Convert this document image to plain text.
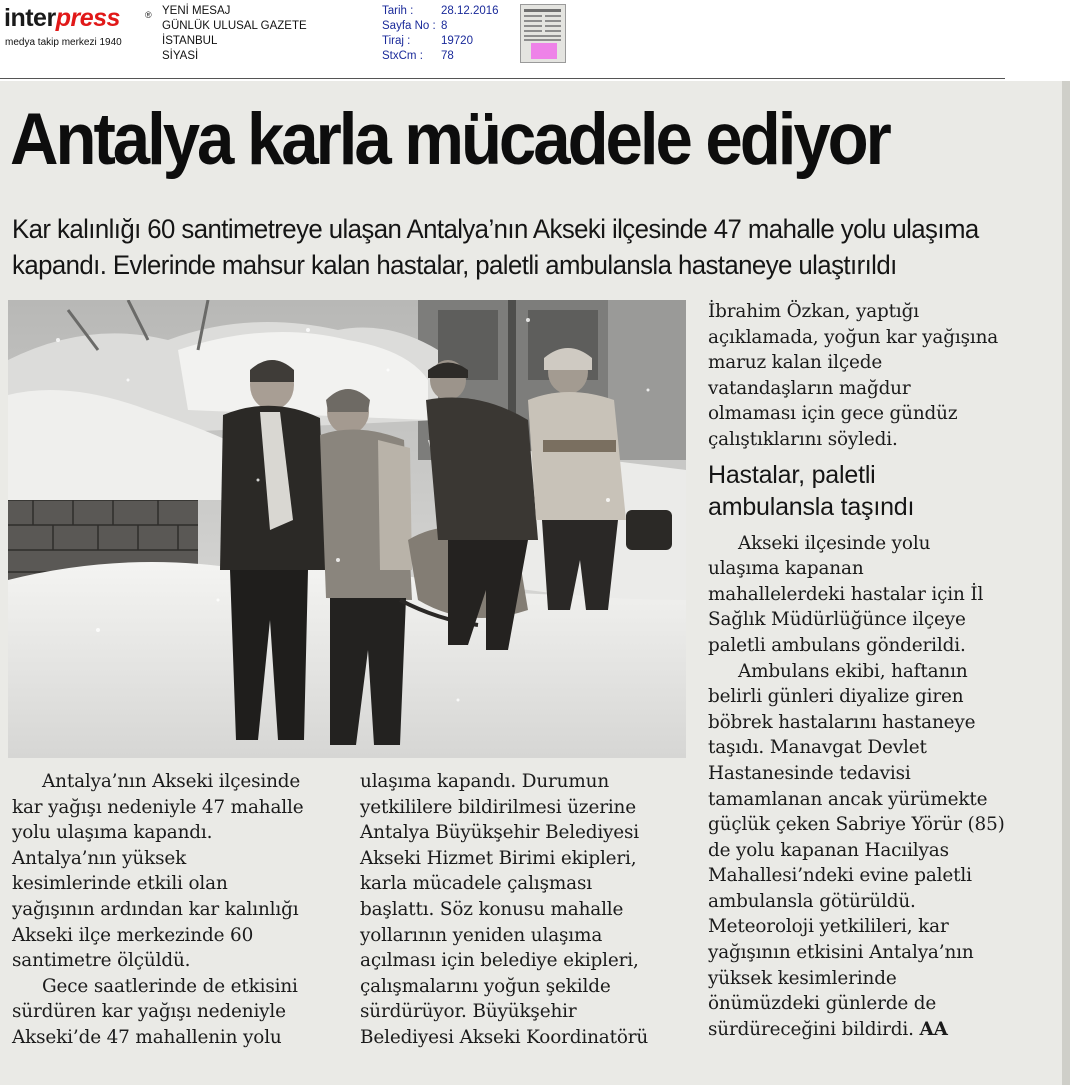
interpress	®
medya takip merkezi 1940
YENİ MESAJ
GÜNLÜK ULUSAL GAZETE
İSTANBUL
SİYASİ
Tarih : 28.12.2016
Sayfa No : 8
Tiraj :	19720
StxCm : 78
Antalya karla mücadele ediyor
Kar kalınlığı 60 santimetreye ulaşan Antalya’nın Akseki ilçesinde 47 mahalle yolu ulaşıma
kapandı. Evlerinde mahsur kalan hastalar, paletli ambulansla hastaneye ulaştırıldı

Antalya’nın Akseki ilçesinde
kar yağışı nedeniyle 47 mahalle
yolu ulaşıma kapandı.
Antalya’nın yüksek
kesimlerinde etkili olan
yağışının ardından kar kalınlığı
Akseki ilçe merkezinde 60
santimetre ölçüldü.

Gece saatlerinde de etkisini
sürdüren kar yağışı nedeniyle
Akseki’de 47 mahallenin yolu

ulaşıma kapandı. Durumun
yetkililere bildirilmesi üzerine
Antalya Büyükşehir Belediyesi
Akseki Hizmet Birimi ekipleri,
karla mücadele çalışması
başlattı. Söz konusu mahalle
yollarının yeniden ulaşıma
açılması için belediye ekipleri,
çalışmalarını yoğun şekilde
sürdürüyor. Büyükşehir
Belediyesi Akseki Koordinatörü

İbrahim Özkan, yaptığı
açıklamada, yoğun kar yağışına
maruz kalan ilçede
vatandaşların mağdur
olmaması için gece gündüz
çalıştıklarını söyledi.

Hastalar, paletli
ambulansla taşındı

Akseki ilçesinde yolu
ulaşıma kapanan
mahallelerdeki hastalar için İl
Sağlık Müdürlüğünce ilçeye
paletli ambulans gönderildi.

Ambulans ekibi, haftanın
belirli günleri diyalize giren
böbrek hastalarını hastaneye
taşıdı. Manavgat Devlet
Hastanesinde tedavisi
tamamlanan ancak yürümekte
güçlük çeken Sabriye Yörür (85)
de yolu kapanan Hacıilyas
Mahallesi’ndeki evine paletli
ambulansla götürüldü.
Meteoroloji yetkilileri, kar
yağışının etkisini Antalya’nın
yüksek kesimlerinde
önümüzdeki günlerde de
sürdüreceğini bildirdi. AA
